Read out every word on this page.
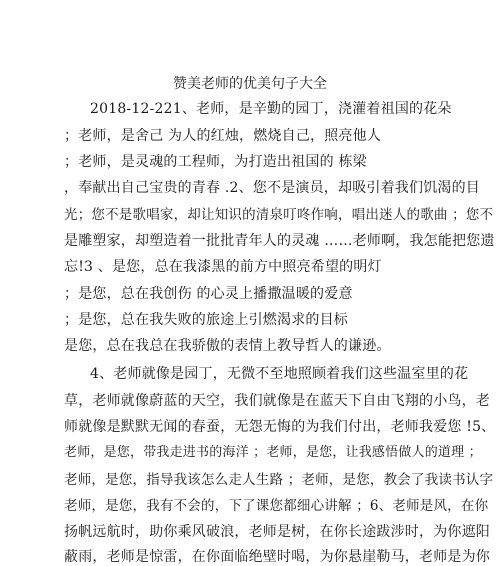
赞美老师的优美句子大全
2018-12-221、老师，是辛勤的园丁，浇灌着祖国的花朵
；老师，是舍己 为人的红烛，燃烧自己，照亮他人
；老师，是灵魂的工程师，为打造出祖国的 栋梁
，奉献出自己宝贵的青春 .2、您不是演员，却吸引着我们饥渴的目
光；您不是歌唱家，却让知识的清泉叮咚作响，唱出迷人的歌曲 ；您不
是雕塑家，却塑造着一批批青年人的灵魂 ……老师啊，我怎能把您遗
忘!3 、是您，总在我漆黑的前方中照亮希望的明灯
；是您，总在我创伤 的心灵上播撒温暖的爱意
；是您，总在我失败的旅途上引燃渴求的目标
是您，总在我总在我骄傲的表情上教导哲人的谦逊。
4、老师就像是园丁，无微不至地照顾着我们这些温室里的花
草，老师就像蔚蓝的天空，我们就像是在蓝天下自由飞翔的小鸟，老
师就像是默默无闻的春蚕，无怨无悔的为我们付出，老师我爱您 !5、
老师，是您，带我走进书的海洋 ；老师，是您，让我感悟做人的道理 ；
老师，是您，指导我该怎么走人生路 ；老师，是您，教会了我读书认字
老师，是您，我有不会的，下了课您都细心讲解 ；6、老师是风，在你
扬帆远航时，助你乘风破浪，老师是树，在你长途跋涉时，为你遮阳
蔽雨，老师是惊雷，在你面临绝壁时喝，为你悬崖勒马，老师是为你
